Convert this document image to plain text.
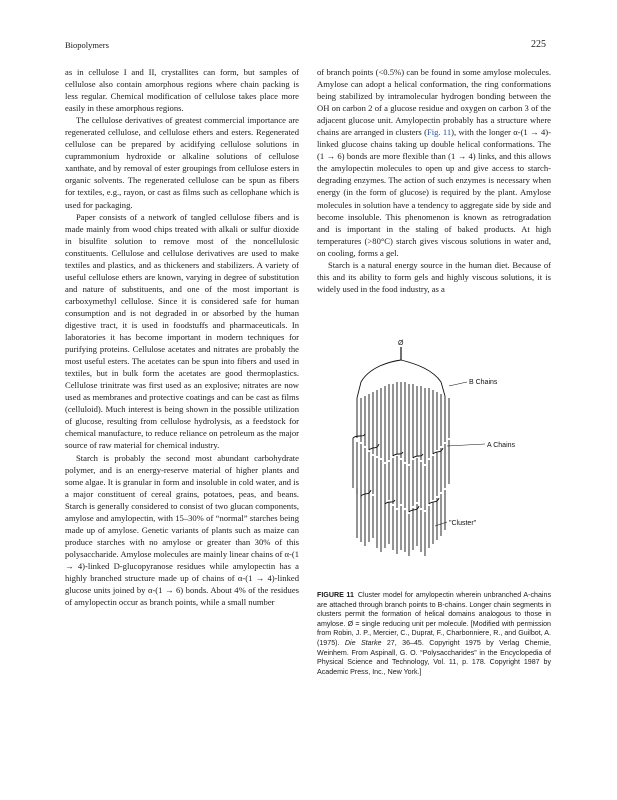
Biopolymers	225

as in cellulose I and II, crystallites can form, but samples of cellulose also contain amorphous regions where chain packing is less regular. Chemical modification of cellulose takes place more easily in these amorphous regions.

The cellulose derivatives of greatest commercial importance are regenerated cellulose, and cellulose ethers and esters. Regenerated cellulose can be prepared by acidifying cellulose solutions in cuprammonium hydroxide or alkaline solutions of cellulose xanthate, and by removal of ester groupings from cellulose esters in organic solvents. The regenerated cellulose can be spun as fibers for textiles, e.g., rayon, or cast as films such as cellophane which is used for packaging.

Paper consists of a network of tangled cellulose fibers and is made mainly from wood chips treated with alkali or sulfur dioxide in bisulfite solution to remove most of the noncellulosic constituents. Cellulose and cellulose derivatives are used to make textiles and plastics, and as thickeners and stabilizers. A variety of useful cellulose ethers are known, varying in degree of substitution and nature of substituents, and one of the most important is carboxymethyl cellulose. Since it is considered safe for human consumption and is not degraded in or absorbed by the human digestive tract, it is used in foodstuffs and pharmaceuticals. In laboratories it has become important in modern techniques for purifying proteins. Cellulose acetates and nitrates are probably the most useful esters. The acetates can be spun into fibers and used in textiles, but in bulk form the acetates are good thermoplastics. Cellulose trinitrate was first used as an explosive; nitrates are now used as membranes and protective coatings and can be cast as films (celluloid). Much interest is being shown in the possible utilization of glucose, resulting from cellulose hydrolysis, as a feedstock for chemical manufacture, to reduce reliance on petroleum as the major source of raw material for chemical industry.

Starch is probably the second most abundant carbohydrate polymer, and is an energy-reserve material of higher plants and some algae. It is granular in form and insoluble in cold water, and is a major constituent of cereal grains, potatoes, peas, and beans. Starch is generally considered to consist of two glucan components, amylose and amylopectin, with 15–30% of “normal” starches being made up of amylose. Genetic variants of plants such as maize can produce starches with no amylose or greater than 30% of this polysaccharide. Amylose molecules are mainly linear chains of α-(1 → 4)-linked D-glucopyranose residues while amylopectin has a highly branched structure made up of chains of α-(1 → 4)-linked glucose units joined by α-(1 → 6) bonds. About 4% of the residues of amylopectin occur as branch points, while a small number

of branch points (<0.5%) can be found in some amylose molecules. Amylose can adopt a helical conformation, the ring conformations being stabilized by intramolecular hydrogen bonding between the OH on carbon 2 of a glucose residue and oxygen on carbon 3 of the adjacent glucose unit. Amylopectin probably has a structure where chains are arranged in clusters (Fig. 11), with the longer α-(1 → 4)-linked glucose chains taking up double helical conformations. The (1 → 6) bonds are more flexible than (1 → 4) links, and this allows the amylopectin molecules to open up and give access to starch-degrading enzymes. The action of such enzymes is necessary when energy (in the form of glucose) is required by the plant. Amylose molecules in solution have a tendency to aggregate side by side and become insoluble. This phenomenon is known as retrogradation and is important in the staling of baked products. At high temperatures (>80°C) starch gives viscous solutions in water and, on cooling, forms a gel.

Starch is a natural energy source in the human diet. Because of this and its ability to form gels and highly viscous solutions, it is widely used in the food industry, as a

Ø
B Chains
A Chains
"Cluster"
FIGURE 11 Cluster model for amylopectin wherein unbranched A-chains are attached through branch points to B-chains. Longer chain segments in clusters permit the formation of helical domains analogous to those in amylose. Ø = single reducing unit per molecule. [Modified with permission from Robin, J. P., Mercier, C., Duprat, F., Charbonniere, R., and Guilbot, A. (1975). Die Starke 27, 36–45. Copyright 1975 by Verlag Chemie, Weinhem. From Aspinall, G. O. “Polysaccharides” in the Encyclopedia of Physical Science and Technology, Vol. 11, p. 178. Copyright 1987 by Academic Press, Inc., New York.]
